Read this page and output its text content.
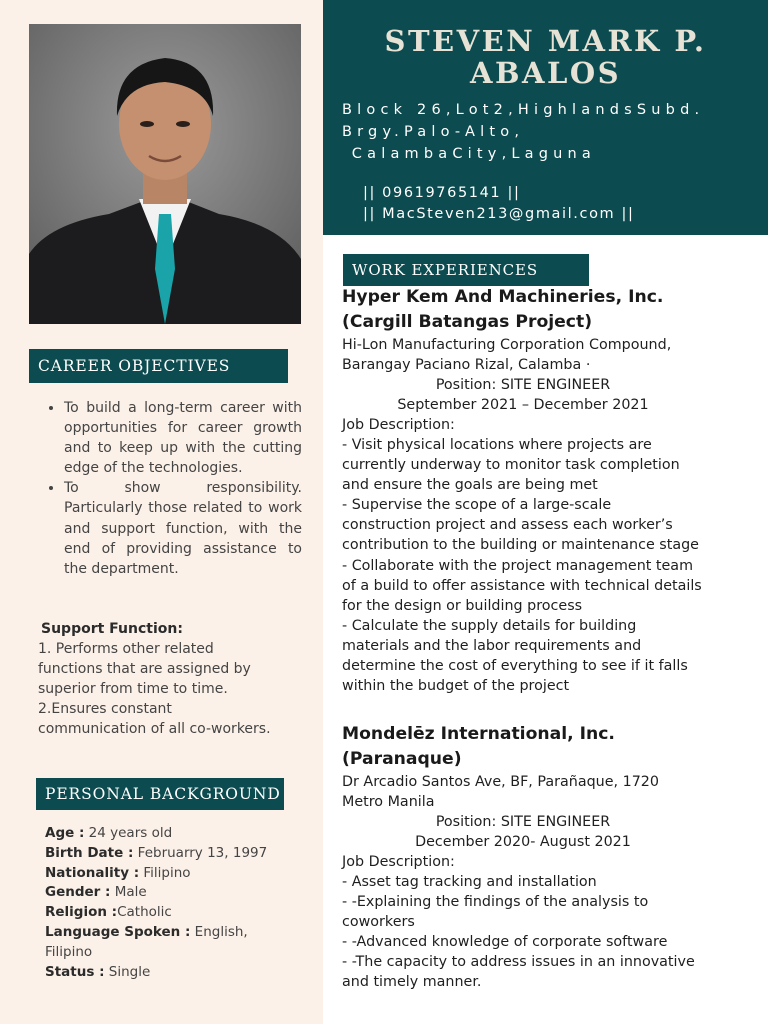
CAREER OBJECTIVES
• To build a long-term career with opportunities for career growth and to keep up with the cutting edge of the technologies.
• To show responsibility. Particularly those related to work and support function, with the end of providing assistance to the department.
Support Function:
1. Performs other related functions that are assigned by superior from time to time.
2.Ensures constant communication of all co-workers.
PERSONAL BACKGROUND
Age : 24 years old
Birth Date : Februarry 13, 1997
Nationality : Filipino
Gender : Male
Religion :Catholic
Language Spoken : English, Filipino
Status : Single
STEVEN MARK P.
ABALOS
Block 26,Lot2,HighlandsSubd.
Brgy.Palo-Alto,
CalambaCity,Laguna
|| 09619765141 ||
|| MacSteven213@gmail.com ||
WORK EXPERIENCES
Hyper Kem And Machineries, Inc. (Cargill Batangas Project)
Hi-Lon Manufacturing Corporation Compound, Barangay Paciano Rizal, Calamba ·
Position: SITE ENGINEER
September 2021 – December 2021
Job Description:
- Visit physical locations where projects are currently underway to monitor task completion and ensure the goals are being met
- Supervise the scope of a large-scale construction project and assess each worker’s contribution to the building or maintenance stage
- Collaborate with the project management team of a build to offer assistance with technical details for the design or building process
- Calculate the supply details for building materials and the labor requirements and determine the cost of everything to see if it falls within the budget of the project
Mondelēz International, Inc. (Paranaque)
Dr Arcadio Santos Ave, BF, Parañaque, 1720 Metro Manila
Position: SITE ENGINEER
December 2020- August 2021
Job Description:
- Asset tag tracking and installation
- -Explaining the findings of the analysis to coworkers
- -Advanced knowledge of corporate software
- -The capacity to address issues in an innovative and timely manner.
